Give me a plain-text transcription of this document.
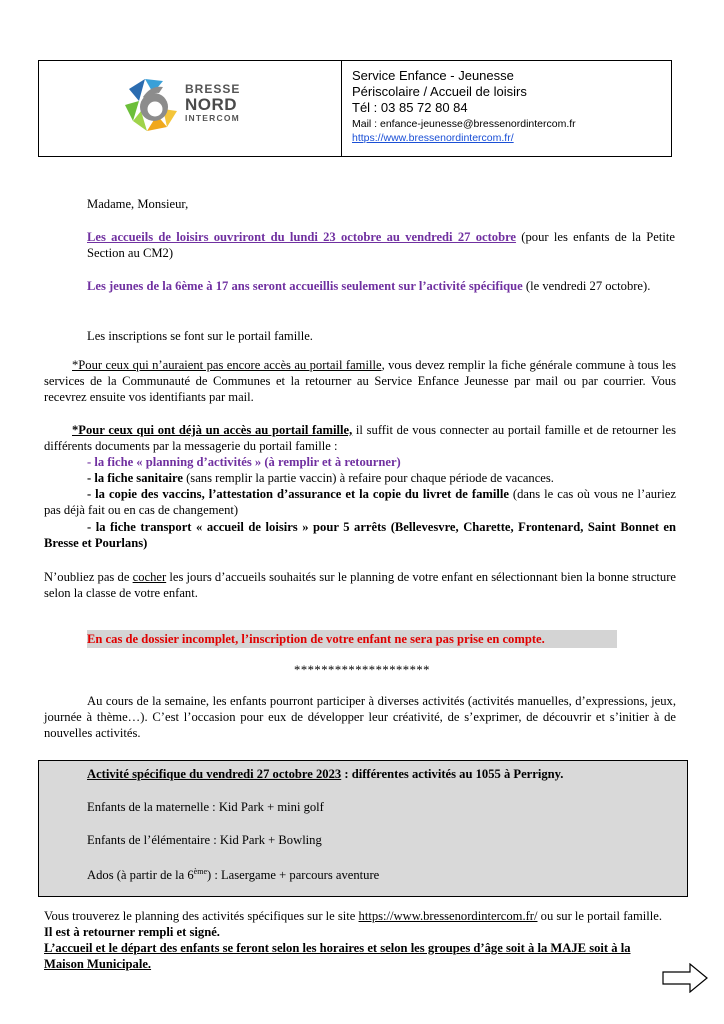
BRESSE
NORD
INTERCOM
Service Enfance - Jeunesse
Périscolaire / Accueil de loisirs
Tél : 03 85 72 80 84
Mail : enfance-jeunesse@bressenordintercom.fr
https://www.bressenordintercom.fr/
Madame, Monsieur,
Les accueils de loisirs ouvriront du lundi 23 octobre au vendredi 27 octobre (pour les enfants de la Petite Section au CM2)
Les jeunes de la 6ème à 17 ans seront accueillis seulement sur l’activité spécifique (le vendredi 27 octobre).
Les inscriptions se font sur le portail famille.
*Pour ceux qui n’auraient pas encore accès au portail famille, vous devez remplir la fiche générale commune à tous les services de la Communauté de Communes et la retourner au Service Enfance Jeunesse par mail ou par courrier. Vous recevrez ensuite vos identifiants par mail.
*Pour ceux qui ont déjà un accès au portail famille, il suffit de vous connecter au portail famille et de retourner les différents documents par la messagerie du portail famille :
- la fiche « planning d’activités » (à remplir et à retourner)
- la fiche sanitaire (sans remplir la partie vaccin) à refaire pour chaque période de vacances.
- la copie des vaccins, l’attestation d’assurance et la copie du livret de famille (dans le cas où vous ne l’auriez pas déjà fait ou en cas de changement)
- la fiche transport « accueil de loisirs » pour 5 arrêts (Bellevesvre, Charette, Frontenard, Saint Bonnet en Bresse et Pourlans)
N’oubliez pas de cocher les jours d’accueils souhaités sur le planning de votre enfant en sélectionnant bien la bonne structure selon la classe de votre enfant.
En cas de dossier incomplet, l’inscription de votre enfant ne sera pas prise en compte.
********************
Au cours de la semaine, les enfants pourront participer à diverses activités (activités manuelles, d’expressions, jeux, journée à thème…). C’est l’occasion pour eux de développer leur créativité, de s’exprimer, de découvrir et s’initier à de nouvelles activités.
Activité spécifique du vendredi 27 octobre 2023 : différentes activités au 1055 à Perrigny.
Enfants de la maternelle : Kid Park + mini golf
Enfants de l’élémentaire : Kid Park + Bowling
Ados (à partir de la 6ème) : Lasergame + parcours aventure
Vous trouverez le planning des activités spécifiques sur le site https://www.bressenordintercom.fr/ ou sur le portail famille. Il est à retourner rempli et signé.
L’accueil et le départ des enfants se feront selon les horaires et selon les groupes d’âge soit à la MAJE soit à la Maison Municipale.
